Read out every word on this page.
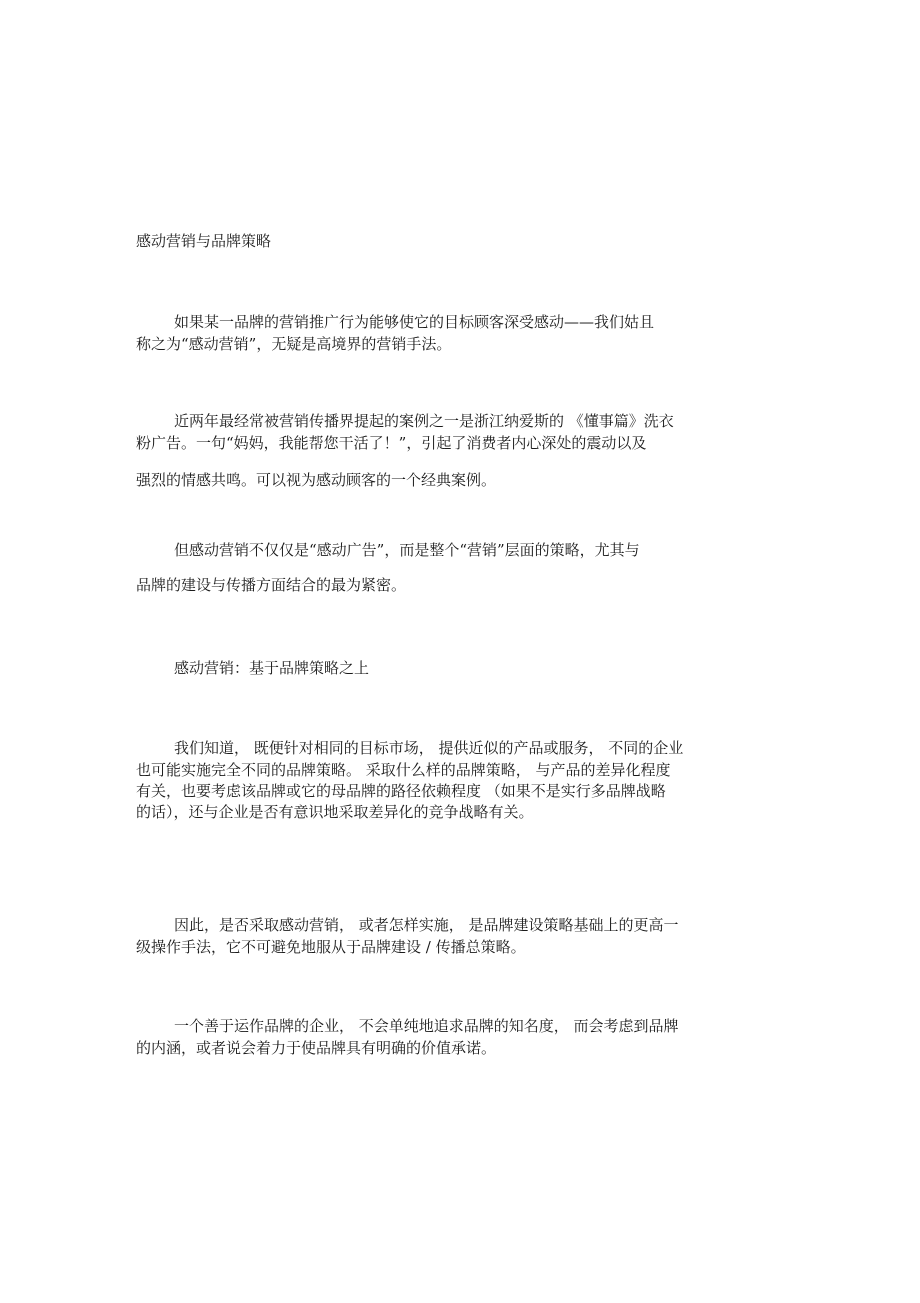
感动营销与品牌策略
如果某一品牌的营销推广行为能够使它的目标顾客深受感动——我们姑且
称之为“感动营销”，无疑是高境界的营销手法。
近两年最经常被营销传播界提起的案例之一是浙江纳爱斯的 《懂事篇》洗衣
粉广告。一句“妈妈，我能帮您干活了！”，引起了消费者内心深处的震动以及
强烈的情感共鸣。可以视为感动顾客的一个经典案例。
但感动营销不仅仅是“感动广告”，而是整个“营销”层面的策略，尤其与
品牌的建设与传播方面结合的最为紧密。
感动营销：基于品牌策略之上
我们知道， 既便针对相同的目标市场， 提供近似的产品或服务， 不同的企业
也可能实施完全不同的品牌策略。 采取什么样的品牌策略， 与产品的差异化程度
有关，也要考虑该品牌或它的母品牌的路径依赖程度 （如果不是实行多品牌战略
的话），还与企业是否有意识地采取差异化的竞争战略有关。
因此，是否采取感动营销， 或者怎样实施， 是品牌建设策略基础上的更高一
级操作手法，它不可避免地服从于品牌建设 / 传播总策略。
一个善于运作品牌的企业， 不会单纯地追求品牌的知名度， 而会考虑到品牌
的内涵，或者说会着力于使品牌具有明确的价值承诺。
